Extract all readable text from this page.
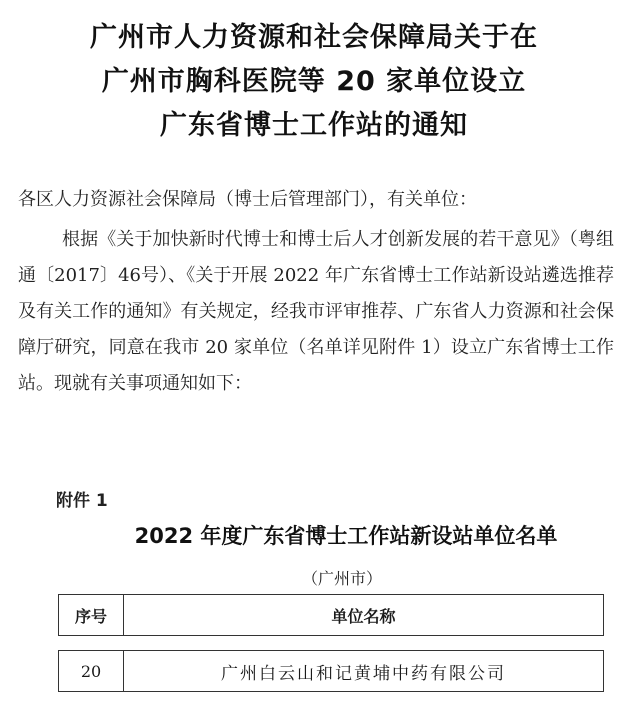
广州市人力资源和社会保障局关于在
广州市胸科医院等 20 家单位设立
广东省博士工作站的通知
各区人力资源社会保障局（博士后管理部门），有关单位：
根据《关于加快新时代博士和博士后人才创新发展的若干意见》（粤组通〔2017〕46号）、《关于开展 2022 年广东省博士工作站新设站遴选推荐及有关工作的通知》有关规定，经我市评审推荐、广东省人力资源和社会保障厅研究，同意在我市 20 家单位（名单详见附件 1）设立广东省博士工作站。现就有关事项通知如下：
附件 1
2022 年度广东省博士工作站新设站单位名单
（广州市）
序号	单位名称
20	广州白云山和记黄埔中药有限公司
